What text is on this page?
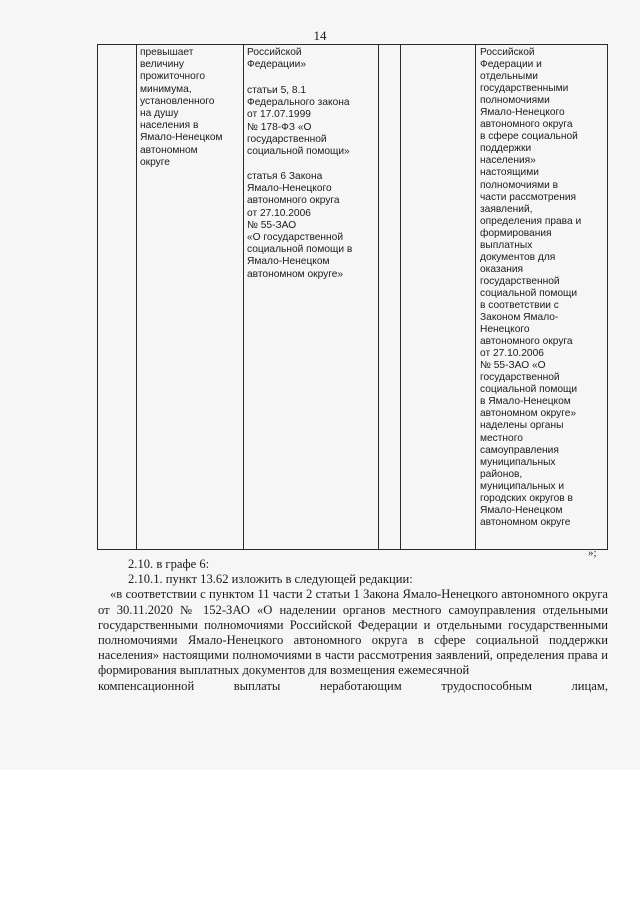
14
превышает
величину
прожиточного
минимума,
установленного
на душу
населения в
Ямало-Ненецком
автономном
округе
Российской
Федерации»
статьи 5, 8.1
Федерального закона
от 17.07.1999
№ 178-ФЗ «О
государственной
социальной помощи»
статья 6 Закона
Ямало-Ненецкого
автономного округа
от 27.10.2006
№ 55-ЗАО
«О государственной
социальной помощи в
Ямало-Ненецком
автономном округе»
Российской
Федерации и
отдельными
государственными
полномочиями
Ямало-Ненецкого
автономного округа
в сфере социальной
поддержки
населения»
настоящими
полномочиями в
части рассмотрения
заявлений,
определения права и
формирования
выплатных
документов для
оказания
государственной
социальной помощи
в соответствии с
Законом Ямало-
Ненецкого
автономного округа
от 27.10.2006
№ 55-ЗАО «О
государственной
социальной помощи
в Ямало-Ненецком
автономном округе»
наделены органы
местного
самоуправления
муниципальных
районов,
муниципальных и
городских округов в
Ямало-Ненецком
автономном округе
»;

2.10. в графе 6:

2.10.1. пункт 13.62 изложить в следующей редакции:

«в соответствии с пунктом 11 части 2 статьи 1 Закона Ямало-Ненецкого автономного округа от 30.11.2020 № 152-ЗАО «О наделении органов местного самоуправления отдельными государственными полномочиями Российской Федерации и отдельными государственными полномочиями Ямало-Ненецкого автономного округа в сфере социальной поддержки населения» настоящими полномочиями в части рассмотрения заявлений, определения права и формирования выплатных документов для возмещения ежемесячной

компенсационной выплаты неработающим трудоспособным лицам,
